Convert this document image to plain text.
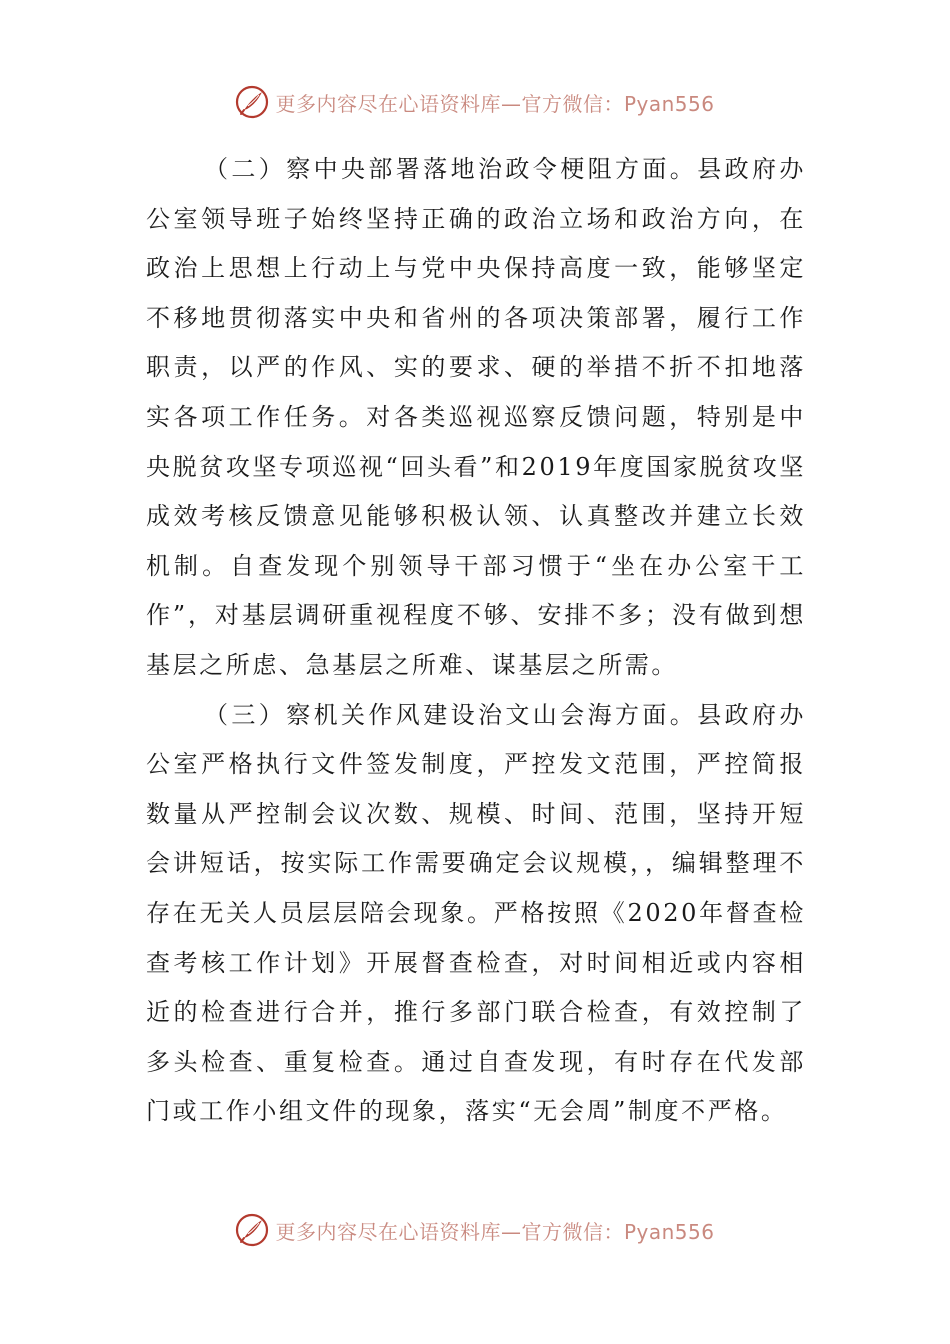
更多内容尽在心语资料库—官方微信：Pyan556

（二）察中央部署落地治政令梗阻方面。县政府办公室领导班子始终坚持正确的政治立场和政治方向，在政治上思想上行动上与党中央保持高度一致，能够坚定不移地贯彻落实中央和省州的各项决策部署，履行工作职责，以严的作风、实的要求、硬的举措不折不扣地落实各项工作任务。对各类巡视巡察反馈问题，特别是中央脱贫攻坚专项巡视“回头看”和2019年度国家脱贫攻坚成效考核反馈意见能够积极认领、认真整改并建立长效机制。自查发现个别领导干部习惯于“坐在办公室干工作”，对基层调研重视程度不够、安排不多；没有做到想基层之所虑、急基层之所难、谋基层之所需。

（三）察机关作风建设治文山会海方面。县政府办公室严格执行文件签发制度，严控发文范围，严控简报数量从严控制会议次数、规模、时间、范围，坚持开短会讲短话，按实际工作需要确定会议规模，，编辑整理不存在无关人员层层陪会现象。严格按照《2020年督查检查考核工作计划》开展督查检查，对时间相近或内容相近的检查进行合并，推行多部门联合检查，有效控制了多头检查、重复检查。通过自查发现，有时存在代发部门或工作小组文件的现象，落实“无会周”制度不严格。

更多内容尽在心语资料库—官方微信：Pyan556
